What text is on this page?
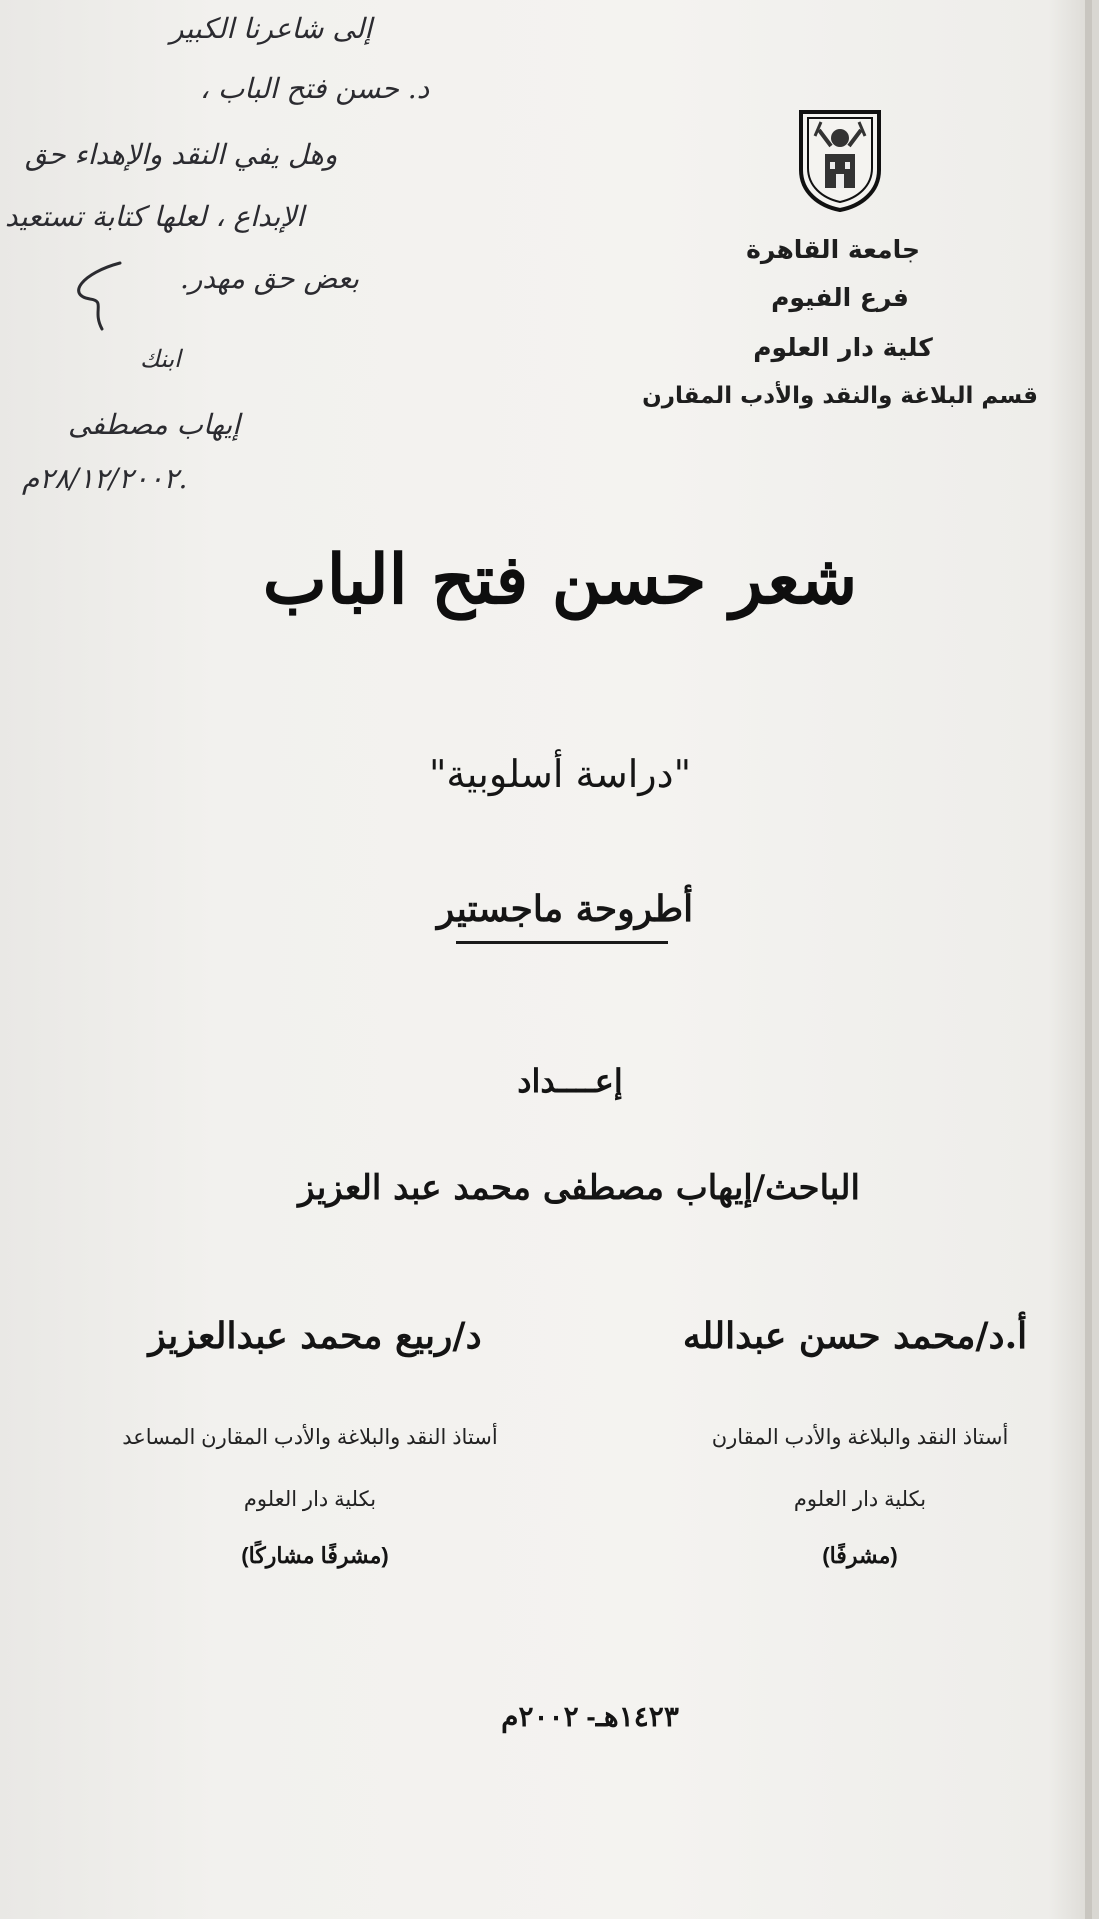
إلى شاعرنا الكبير
د. حسن فتح الباب ،
وهل يفي النقد والإهداء حق
الإبداع ، لعلها كتابة تستعيد
بعض حق مهدر.
ابنك
إيهاب مصطفى
٢٨/١٢/٢٠٠٢م.
جامعة القاهرة
فرع الفيوم
كلية دار العلوم
قسم البلاغة والنقد والأدب المقارن
شعر حسن فتح الباب
"دراسة أسلوبية"
أطروحة ماجستير
إعــــداد
الباحث/إيهاب مصطفى محمد عبد العزيز
أ.د/محمد حسن عبدالله
أستاذ النقد والبلاغة والأدب المقارن
بكلية دار العلوم
(مشرفًا)
د/ربيع محمد عبدالعزيز
أستاذ النقد والبلاغة والأدب المقارن المساعد
بكلية دار العلوم
(مشرفًا مشاركًا)
١٤٢٣هـ- ٢٠٠٢م
